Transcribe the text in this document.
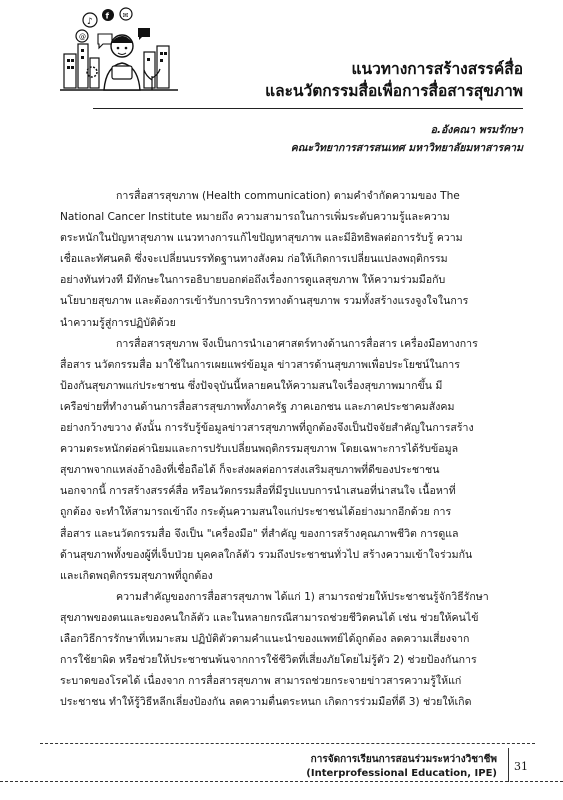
♪
f ✉
@
แนวทางการสร้างสรรค์สื่อ
และนวัตกรรมสื่อเพื่อการสื่อสารสุขภาพ
อ.อังคณา พรมรักษา
คณะวิทยาการสารสนเทศ มหาวิทยาลัยมหาสารคาม

การสื่อสารสุขภาพ (Health communication) ตามคำจำกัดความของ The
National Cancer Institute หมายถึง ความสามารถในการเพิ่มระดับความรู้และความ
ตระหนักในปัญหาสุขภาพ แนวทางการแก้ไขปัญหาสุขภาพ และมีอิทธิพลต่อการรับรู้ ความ
เชื่อและทัศนคติ ซึ่งจะเปลี่ยนบรรทัดฐานทางสังคม ก่อให้เกิดการเปลี่ยนแปลงพฤติกรรม
อย่างทันท่วงที มีทักษะในการอธิบายบอกต่อถึงเรื่องการดูแลสุขภาพ ให้ความร่วมมือกับ
นโยบายสุขภาพ และต้องการเข้ารับการบริการทางด้านสุขภาพ รวมทั้งสร้างแรงจูงใจในการ
นำความรู้สู่การปฏิบัติด้วย

การสื่อสารสุขภาพ จึงเป็นการนำเอาศาสตร์ทางด้านการสื่อสาร เครื่องมือทางการ
สื่อสาร นวัตกรรมสื่อ มาใช้ในการเผยแพร่ข้อมูล ข่าวสารด้านสุขภาพเพื่อประโยชน์ในการ
ป้องกันสุขภาพแก่ประชาชน ซึ่งปัจจุบันนี้หลายคนให้ความสนใจเรื่องสุขภาพมากขึ้น มี
เครือข่ายที่ทำงานด้านการสื่อสารสุขภาพทั้งภาครัฐ ภาคเอกชน และภาคประชาคมสังคม
อย่างกว้างขวาง ดังนั้น การรับรู้ข้อมูลข่าวสารสุขภาพที่ถูกต้องจึงเป็นปัจจัยสำคัญในการสร้าง
ความตระหนักต่อค่านิยมและการปรับเปลี่ยนพฤติกรรมสุขภาพ โดยเฉพาะการได้รับข้อมูล
สุขภาพจากแหล่งอ้างอิงที่เชื่อถือได้ ก็จะส่งผลต่อการส่งเสริมสุขภาพที่ดีของประชาชน
นอกจากนี้ การสร้างสรรค์สื่อ หรือนวัตกรรมสื่อที่มีรูปแบบการนำเสนอที่น่าสนใจ เนื้อหาที่
ถูกต้อง จะทำให้สามารถเข้าถึง กระตุ้นความสนใจแก่ประชาชนได้อย่างมากอีกด้วย การ
สื่อสาร และนวัตกรรมสื่อ จึงเป็น "เครื่องมือ" ที่สำคัญ ของการสร้างคุณภาพชีวิต การดูแล
ด้านสุขภาพทั้งของผู้ที่เจ็บป่วย บุคคลใกล้ตัว รวมถึงประชาชนทั่วไป สร้างความเข้าใจร่วมกัน
และเกิดพฤติกรรมสุขภาพที่ถูกต้อง

ความสำคัญของการสื่อสารสุขภาพ ได้แก่ 1) สามารถช่วยให้ประชาชนรู้จักวิธีรักษา
สุขภาพของตนและของคนใกล้ตัว และในหลายกรณีสามารถช่วยชีวิตคนได้ เช่น ช่วยให้คนไข้
เลือกวิธีการรักษาที่เหมาะสม ปฏิบัติตัวตามคำแนะนำของแพทย์ได้ถูกต้อง ลดความเสี่ยงจาก
การใช้ยาผิด หรือช่วยให้ประชาชนพ้นจากการใช้ชีวิตที่เสี่ยงภัยโดยไม่รู้ตัว 2) ช่วยป้องกันการ
ระบาดของโรคได้ เนื่องจาก การสื่อสารสุขภาพ สามารถช่วยกระจายข่าวสารความรู้ให้แก่
ประชาชน ทำให้รู้วิธีหลีกเลี่ยงป้องกัน ลดความตื่นตระหนก เกิดการร่วมมือที่ดี 3) ช่วยให้เกิด

การจัดการเรียนการสอนร่วมระหว่างวิชาชีพ
(Interprofessional Education, IPE)
31
